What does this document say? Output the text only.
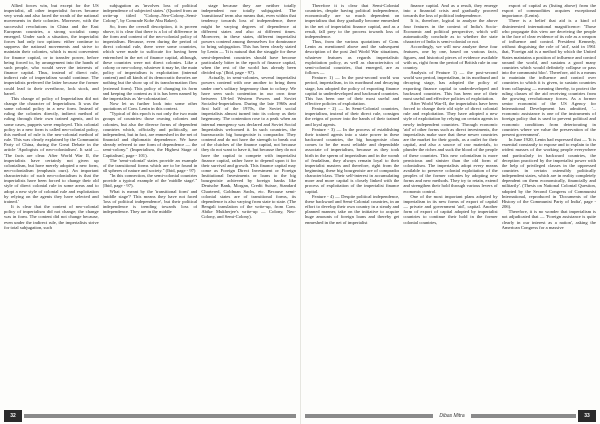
Allied forces win, but except for the US imperialist, all other imperialist forces became very weak and also faced the wrath of the national movements in their colonies. Moreover, with the successful revolutions in China and the East European countries, a strong socialist camp emerged. Under such a situation, the imperialist forces had only two options: either continue to suppress the national movements and strive to maintain their colonies, which is most convenient for finance capital, or to transfer power, before being forced to, by arrangement into the hands of such people, who would serve the interests of finance capital. Thus, instead of direct rule, indirect rule of imperialism would continue. The imperialists preferred the latter because the former could lead to their overthrow, lock stock, and barrel.

This change of policy of Imperialism did not change the character of Imperialism. It was the same colonial policy in a new form. Instead of ruling the colonies directly, indirect method of ruling through their own trained agents, and in some cases, puppets were employed. This colonial policy in a new form is called neo-colonial policy, this method of rule is the neo-colonial method of rule. This was clearly explained by the Communist Party of China, during the Great Debate in the article 'Apologists of neo-colonialism'. It said — 'The facts are clear. After World War II, the imperialists have certainly not given up colonialism, but have merely adopted a new form, neo-colonialism (emphasis ours). An important characteristic of such neo-colonialism is that the imperialists have been forced to change their old style of direct colonial rule in some areas and to adopt a new style of colonial rule and exploitation by relying on the agents they have selected and trained.'

It is clear that the content of neo-colonial policy of imperialism did not change; the change was in form. The content did not change because, even under the indirect rule, the imperialists strive for total subjugation, such

subjugation as 'involves loss of political independence of subjected states.' (Quoted from an write-up titled "Colony–Neo-Colony–Semi-Colony", by Comrade Kobe Abu Baker).

So, from the overall description, it is proven above, it is clear that there is a lot of difference in the form and content of the neo-colonial policy of imperialism. Because, even during the period of direct colonial rule, there were some countries, which were made to suffocate for having been entrenched in the net of finance capital, although, these countries were not direct colonies. Like a colony or neo-colony, whatever it may be, the main policy of imperialism is exploitation (internal content) and all kinds of its democratic theories are nothing but the show up of its transformation flow (external form). This policy of changing its form and keeping the content as it is has been named by the imperialists as 'de-colonization'.

Now let us further look into some other quotations of Com. Lenin in this context.

"Typical of this epoch is not only the two main groups of countries: those owning colonies and colonies, but also the diverse forms of dependent countries which, officially and politically, are independent, but in fact, are enmeshed in the net of financial and diplomatic dependence. We have already referred to one form of dependence — the semi-colony." (Imperialism, the Highest Stage of Capitalism', page - 101).

The 'semi-colonial' states provide an example of the transitional forms which are to be found in all spheres of nature and society." (Ibid, page - 97)

"In this connection, the semi-colonial countries provide a typical example of the 'middle stage'." (Ibid, page - 97).

What is meant by the 'transitional form' and 'middle stage'? This means they have not faced 'loss of political independence', but their political independence is trending towards loss of independence. They are in the middle

stage because they are neither totally independent nor totally subjugated. The 'transitional' term also means that, even within that tendency towards loss of independence, there might be varying degrees of dependence at different states and also at different times. Moreover, in these states, different imperialist powers contend among themselves for dominance to bring subjugation. This has been clearly stated by Lenin — 'It is natural that the struggle for these semi-dependent countries should have become particularly bitter in the epoch of finance capital, when the rest of the world has already been divided up.' (Ibid, page - 97).

Actually, in semi-colonies, several imperialist powers contend with one another to bring them under one's solitary hegemony than to colony. We have seen such contention in our own time between US-led Western Powers and Soviet Socialist-Imperialism. During the late 1960s and first half of the 1970s, the Soviet social imperialists almost turned into its colony as their hegemony. The contention rose to a peak when an internal emergency was declared and Soviet Social Imperialists welcomed it. In such countries, the bureaucratic big bourgeoisie is comprador. They contend and do not have the strength to break out of the clutches of the finance capital, not because they do not want to have it, but because they do not have the capital to compete with imperialist finance capital, rather have to depend upon it for their survival and growth. This finance capital may come as Foreign Direct Investment or Foreign Institutional Investments or loans to the big bourgeoisie achieved by foreign banks like Deutsche Bank, Morgan, Credit Suisse, Standard Chartered, Goldman Sachs, etc. Because semi-colonial states are of transitional forms, its dependence is also varying from state to state. (The Bengali translation of the write-up, from Com. Abike Mukherjee's write-up — Colony, Neo-Colony, and Semi-Colony).

32

Therefore it is clear that Semi-Colonial countries, despite having political independence, economically are so much dependent on imperialism that they gradually become enmeshed in the net of imperialist finance capital, and as a result, fall prey to the process towards loss of independence.

Thus, from the various quotations of Com. Lenin as mentioned above and the subsequent description of the post 2nd World War situations, whatever features as regards imperialistic exploitation policy, as well as characteristics of semi-colonial countries, that emerged, are as follows —

Feature: 1) — In the post-second world war period, imperialism, in its moribund and decaying stage, has adopted the policy of exporting finance capital to underdeveloped and backward countries. This has been one of their most useful and effective policies of exploitation.

Feature - 2) — In Semi-Colonial countries, imperialism, instead of their direct rule, consigns the reigns of power into the hands of their trained and loyal agents.

Feature - 3) — In the process of establishing their trained agents into a state power in these backward countries, the big bourgeoisie class comes to be the most reliable and dependable associate of imperialism, because as they took birth in the sperm of imperialism and in the womb of feudalism, they always remain loyal to their imperialist masters and therefore, right from the beginning, these big bourgeoisie are of comprador character/class. Their self-interest in accumulating more and more capital is closely linked with the process of exploitation of the imperialist finance capital.

Feature - 4) — Despite political independence, these backward and Semi-Colonial countries, in an effort to develop their own country in a steady and planned manner, take on the initiative to acquire huge amounts of foreign loans and thereby get enmeshed in the net of imperialist

finance capital. And as a result, they emerge into a financial crisis and gradually proceed towards the loss of political independence.

It is, therefore, logical to analyze the above four features in the context of India's Socio-Economic and political perspective, which will automatically conclude as to whether the state character of India is semi-colonial or not.

Accordingly, we will now analyze these four features, one by one, based on various facts, figures, and historical pieces of evidence available with us, right from the period of British rule in our country.

Analysis of Feature 1) — the post-second world war period, imperialism, in its moribund and decaying stage, has adopted the policy of exporting finance capital to underdeveloped and backward countries. This has been one of their most useful and effective policies of exploitation.

After World War-II, the imperialists have been forced to change their old style of direct colonial rule and exploitation. They have adopted a new style of exploitation by relying on certain agents in newly independent countries. Through economic 'aid' of other forms such as direct investments, the imperialists make sure that these newer countries are the market for their goods, as a outlet for their capital, and also a source of raw materials, to plunder the riches and suck the blood of the people of these countries. This new colonialism is more pernicious and sinister than the old form of colonialism. The imperialists adopt every means available to preserve colonial exploitation of the peoples of the former colonies by adopting new forms and new methods. They try to retain, extend and strengthen their hold through various levers of economic control.

One of the most important plans adopted by imperialism in its new forms of export of capital — private and government 'aid', capital. Another form of export of capital adopted by imperialist countries to continue their hold in the former colonial countries,

export of capital as (listing above) from the export of commodities acquires exceptional importance. (Lenin).

There is a belief that aid is a kind of disinterested international magnificence: 'Those who propagate this view are deceiving the people in the face of clear evidence of its role as a weapon of influence and control. President Kennedy, without disguising the role of 'aid', said in 1961 that, 'Foreign aid is a method by which the United States maintains a position of influence and control around the world, and sustains a good many countries which would definitely collapse or pass into the communist bloc'. Therefore, aid is a means to maintain the influence and control over countries to which it is given, to sustain countries from collapsing — meaning thereby, to protect the ruling classes of the aid receiving countries from the growing revolutionary forces. As a former senior economist of the US Agency for International Development has admitted, '... economic assistance is one of the instruments of foreign policy that is used to prevent political and economic conditions from deteriorating in countries where we value the preservation of the present government'.

In June 1920, Lenin had expressed that — 'It is essential constantly to expose and to explain to the widest masses of the working people everywhere and particularly in backward countries, the deception practiced by the imperialist power with the help of privileged classes in the oppressed countries in certain ostensibly politically independent states, which are in reality completely dependent on them economically, financially and militarily'. (Thesis on National Colonial Question, adopted by the Second Congress of Communist International, reproduced in 'Documents of the History of the Communist Party of India', page - 206).

Therefore, it is no wonder that imperialism is not adjudicated that — 'Foreign assistance is quite clearly in our interest as a nation', asking the American Congress for a massive

Dibas Mitra	33
